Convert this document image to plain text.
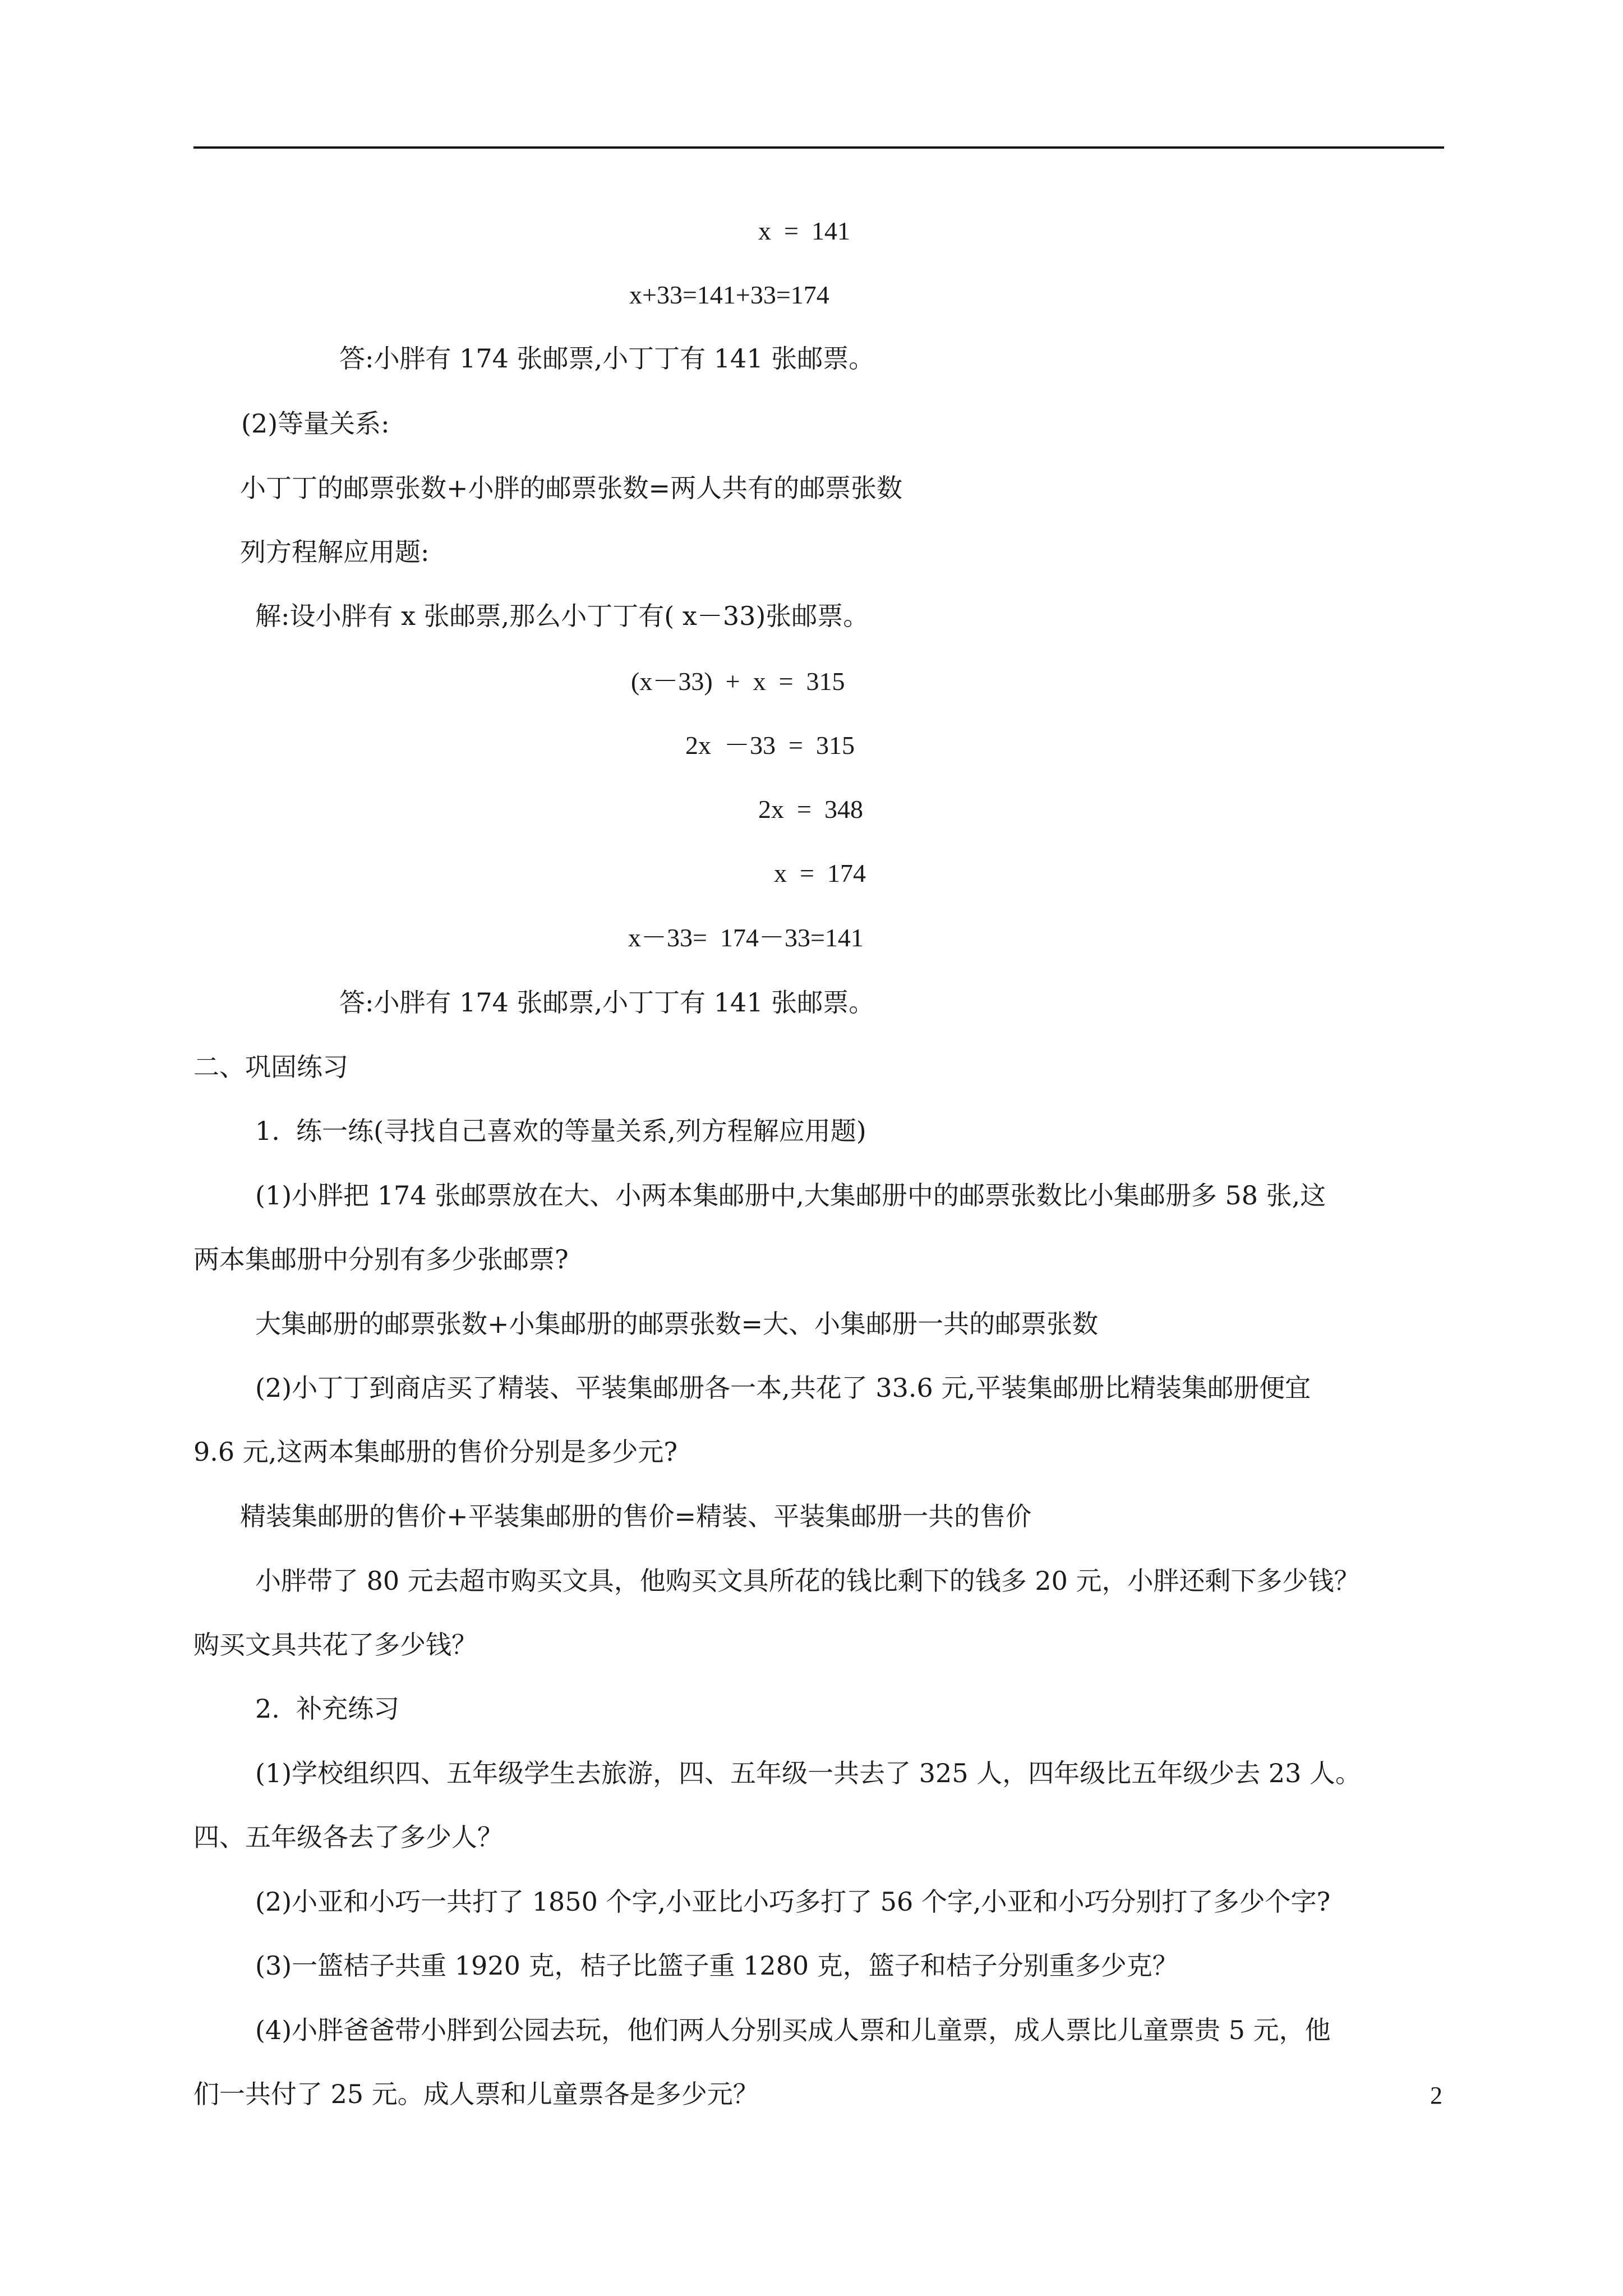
x  =  141
x+33=141+33=174
答:小胖有 174 张邮票,小丁丁有 141 张邮票。
(2)等量关系:
小丁丁的邮票张数+小胖的邮票张数=两人共有的邮票张数
列方程解应用题:
解:设小胖有 x 张邮票,那么小丁丁有( x－33)张邮票。
(x－33)  +  x  =  315
2x  －33  =  315
2x  =  348
x  =  174
x－33=  174－33=141
答:小胖有 174 张邮票,小丁丁有 141 张邮票。
二、巩固练习
1.  练一练(寻找自己喜欢的等量关系,列方程解应用题)
(1)小胖把 174 张邮票放在大、小两本集邮册中,大集邮册中的邮票张数比小集邮册多 58 张,这
两本集邮册中分别有多少张邮票?
大集邮册的邮票张数+小集邮册的邮票张数=大、小集邮册一共的邮票张数
(2)小丁丁到商店买了精装、平装集邮册各一本,共花了 33.6 元,平装集邮册比精装集邮册便宜
9.6 元,这两本集邮册的售价分别是多少元?
精装集邮册的售价+平装集邮册的售价=精装、平装集邮册一共的售价
小胖带了 80 元去超市购买文具，他购买文具所花的钱比剩下的钱多 20 元，小胖还剩下多少钱？
购买文具共花了多少钱？
2.  补充练习
(1)学校组织四、五年级学生去旅游，四、五年级一共去了 325 人，四年级比五年级少去 23 人。
四、五年级各去了多少人？
(2)小亚和小巧一共打了 1850 个字,小亚比小巧多打了 56 个字,小亚和小巧分别打了多少个字?
(3)一篮桔子共重 1920 克，桔子比篮子重 1280 克，篮子和桔子分别重多少克？
(4)小胖爸爸带小胖到公园去玩，他们两人分别买成人票和儿童票，成人票比儿童票贵 5 元，他
们一共付了 25 元。成人票和儿童票各是多少元？	2
